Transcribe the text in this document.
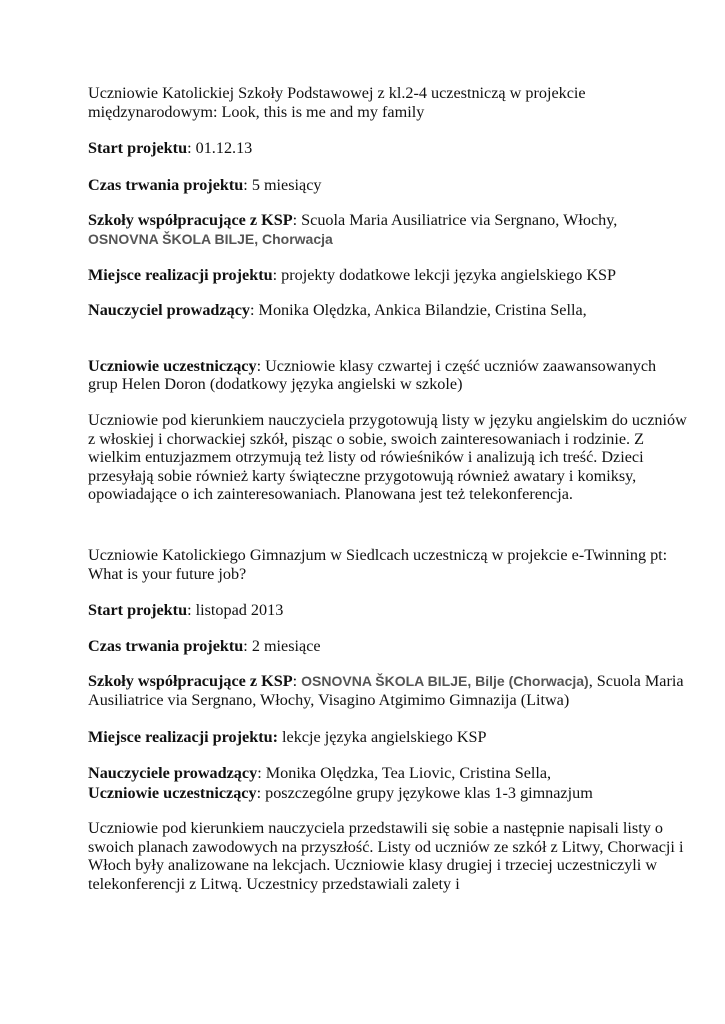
Uczniowie Katolickiej Szkoły Podstawowej z kl.2-4 uczestniczą w projekcie międzynarodowym: Look, this is me and my family

Start projektu: 01.12.13

Czas trwania projektu: 5 miesiący

Szkoły współpracujące z KSP: Scuola Maria Ausiliatrice via Sergnano, Włochy, OSNOVNA ŠKOLA BILJE, Chorwacja

Miejsce realizacji projektu: projekty dodatkowe lekcji języka angielskiego KSP

Nauczyciel prowadzący: Monika Olędzka, Ankica Bilandzie, Cristina Sella,

Uczniowie uczestniczący: Uczniowie klasy czwartej i część uczniów zaawansowanych grup Helen Doron (dodatkowy języka angielski w szkole)

Uczniowie pod kierunkiem nauczyciela przygotowują listy w języku angielskim do uczniów z włoskiej i chorwackiej szkół, pisząc o sobie, swoich zainteresowaniach i rodzinie. Z wielkim entuzjazmem otrzymują też listy od rówieśników i analizują ich treść. Dzieci przesyłają sobie również karty świąteczne przygotowują również awatary i komiksy, opowiadające o ich zainteresowaniach. Planowana jest też telekonferencja.

Uczniowie Katolickiego Gimnazjum w Siedlcach uczestniczą w projekcie e-Twinning pt: What is your future job?

Start projektu: listopad 2013

Czas trwania projektu: 2 miesiące

Szkoły współpracujące z KSP: OSNOVNA ŠKOLA BILJE, Bilje (Chorwacja), Scuola Maria Ausiliatrice via Sergnano, Włochy, Visagino Atgimimo Gimnazija (Litwa)

Miejsce realizacji projektu: lekcje języka angielskiego KSP

Nauczyciele prowadzący: Monika Olędzka, Tea Liovic, Cristina Sella,

Uczniowie uczestniczący: poszczególne grupy językowe klas 1-3 gimnazjum

Uczniowie pod kierunkiem nauczyciela przedstawili się sobie a następnie napisali listy o swoich planach zawodowych na przyszłość. Listy od uczniów ze szkół z Litwy, Chorwacji i Włoch były analizowane na lekcjach. Uczniowie klasy drugiej i trzeciej uczestniczyli w telekonferencji z Litwą. Uczestnicy przedstawiali zalety i
